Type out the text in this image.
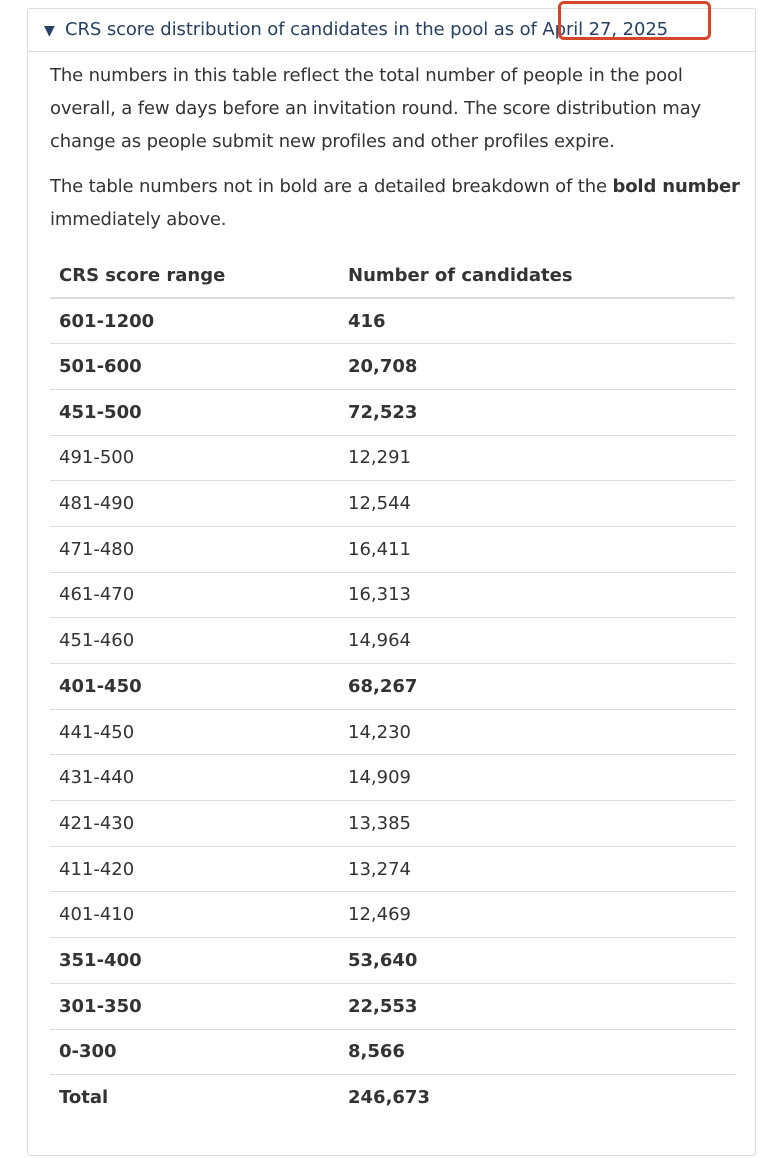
▼ CRS score distribution of candidates in the pool as of April 27, 2025

The numbers in this table reflect the total number of people in the pool overall, a few days before an invitation round. The score distribution may change as people submit new profiles and other profiles expire.

The table numbers not in bold are a detailed breakdown of the bold number immediately above.

CRS score range	Number of candidates
601-1200	416
501-600	20,708
451-500	72,523
491-500	12,291
481-490	12,544
471-480	16,411
461-470	16,313
451-460	14,964
401-450	68,267
441-450	14,230
431-440	14,909
421-430	13,385
411-420	13,274
401-410	12,469
351-400	53,640
301-350	22,553
0-300	8,566
Total	246,673
